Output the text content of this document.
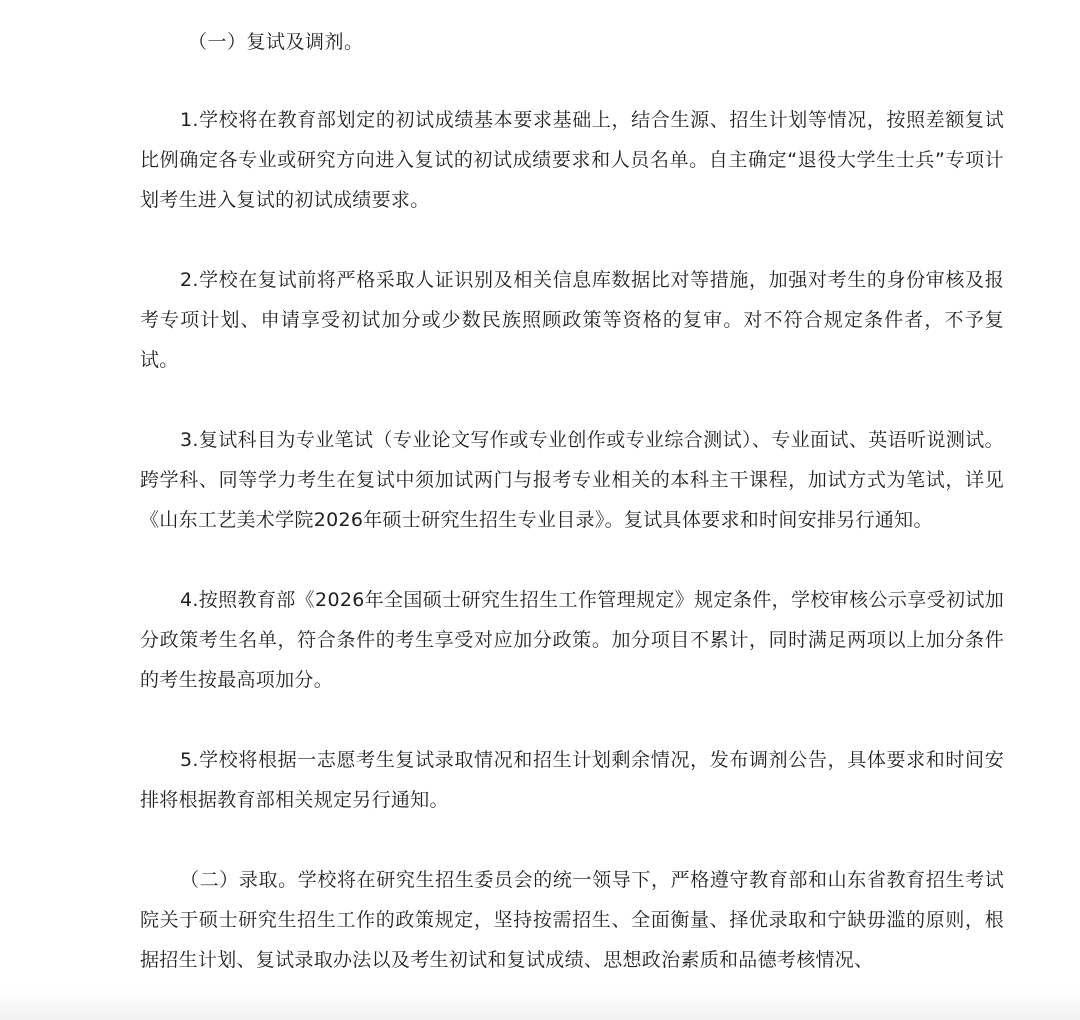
（一）复试及调剂。

1.学校将在教育部划定的初试成绩基本要求基础上，结合生源、招生计划等情况，按照差额复试比例确定各专业或研究方向进入复试的初试成绩要求和人员名单。自主确定“退役大学生士兵”专项计划考生进入复试的初试成绩要求。

2.学校在复试前将严格采取人证识别及相关信息库数据比对等措施，加强对考生的身份审核及报考专项计划、申请享受初试加分或少数民族照顾政策等资格的复审。对不符合规定条件者，不予复试。

3.复试科目为专业笔试（专业论文写作或专业创作或专业综合测试）、专业面试、英语听说测试。跨学科、同等学力考生在复试中须加试两门与报考专业相关的本科主干课程，加试方式为笔试，详见《山东工艺美术学院2026年硕士研究生招生专业目录》。复试具体要求和时间安排另行通知。

4.按照教育部《2026年全国硕士研究生招生工作管理规定》规定条件，学校审核公示享受初试加分政策考生名单，符合条件的考生享受对应加分政策。加分项目不累计，同时满足两项以上加分条件的考生按最高项加分。

5.学校将根据一志愿考生复试录取情况和招生计划剩余情况，发布调剂公告，具体要求和时间安排将根据教育部相关规定另行通知。

（二）录取。学校将在研究生招生委员会的统一领导下，严格遵守教育部和山东省教育招生考试院关于硕士研究生招生工作的政策规定，坚持按需招生、全面衡量、择优录取和宁缺毋滥的原则，根据招生计划、复试录取办法以及考生初试和复试成绩、思想政治素质和品德考核情况、
